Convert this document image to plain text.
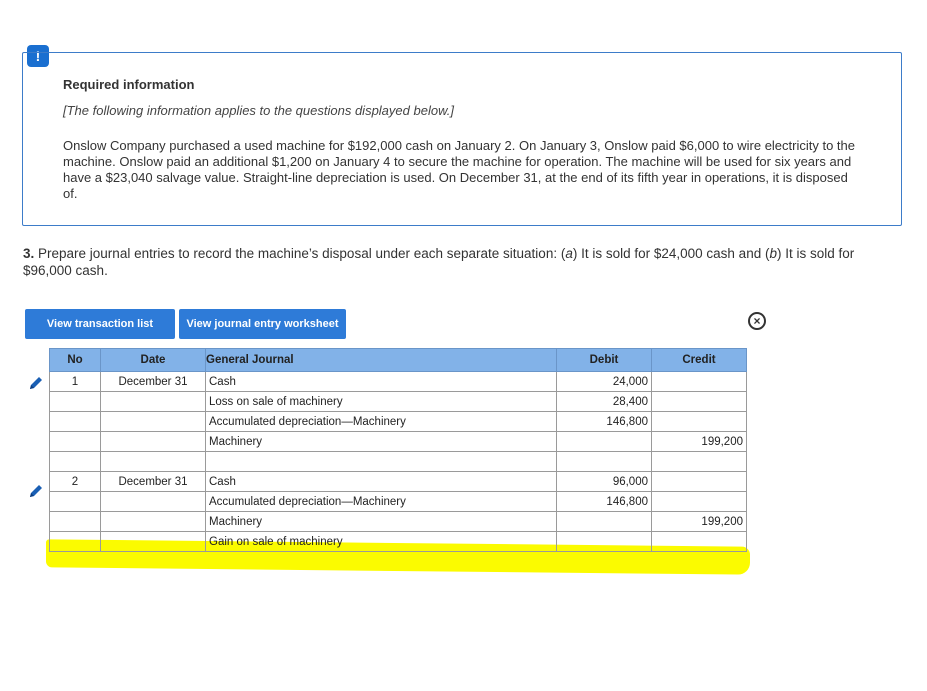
!
Required information
[The following information applies to the questions displayed below.]
Onslow Company purchased a used machine for $192,000 cash on January 2. On January 3, Onslow paid $6,000 to wire electricity to the machine. Onslow paid an additional $1,200 on January 4 to secure the machine for operation. The machine will be used for six years and have a $23,040 salvage value. Straight-line depreciation is used. On December 31, at the end of its fifth year in operations, it is disposed of.
3. Prepare journal entries to record the machine’s disposal under each separate situation: (a) It is sold for $24,000 cash and (b) It is sold for $96,000 cash.
View transaction list	View journal entry worksheet	×
No	Date	General Journal	Debit	Credit
1	December 31	Cash	24,000	
		Loss on sale of machinery	28,400	
		Accumulated depreciation—Machinery	146,800	
		Machinery		199,200

2	December 31	Cash	96,000	
		Accumulated depreciation—Machinery	146,800	
		Machinery		199,200
		Gain on sale of machinery		
